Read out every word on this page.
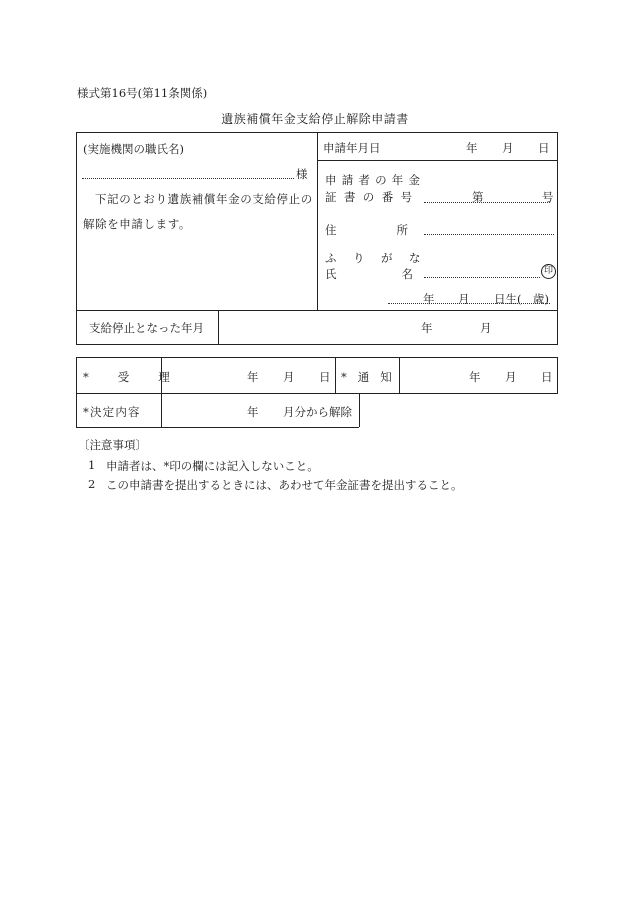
様式第16号(第11条関係)
遺族補償年金支給停止解除申請書
(実施機関の職氏名)
様
下記のとおり遺族補償年金の支給停止の
解除を申請します。
申請年月日	年 月 日
申請者の年金
証書の番号	第	号
住所
ふりがな
氏名	印
年 月 日生( 歳)
支給停止となった年月	年	月
*受理	年 月 日 *通知	年 月 日
*決定内容	年 月分から解除
〔注意事項〕
1 申請者は、*印の欄には記入しないこと。
2 この申請書を提出するときには、あわせて年金証書を提出すること。
